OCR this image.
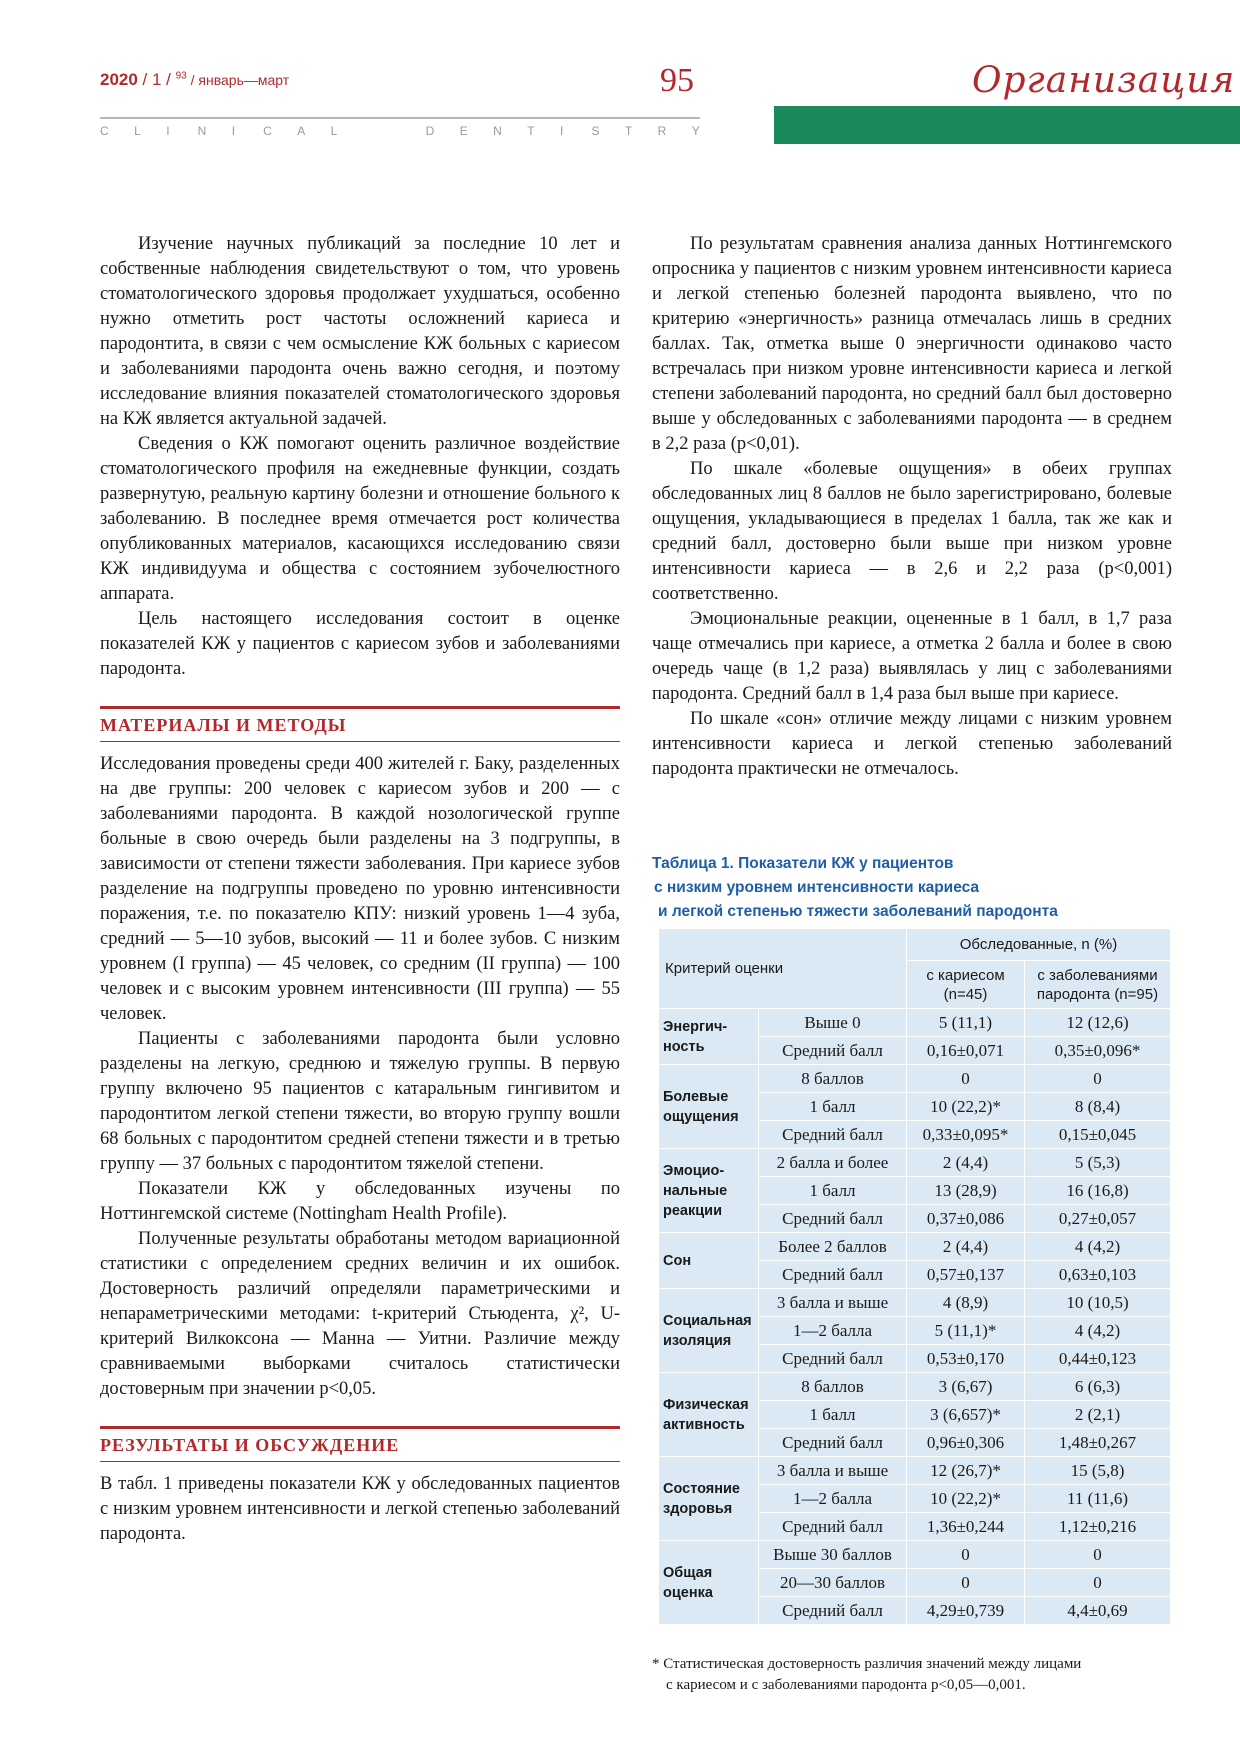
2020 / 1 / $^{93}$ / январь—март	95
C L I N I C A L	D E N T I S T R Y
Организация

Изучение научных публикаций за последние 10 лет и собственные наблюдения свидетельствуют о том, что уровень стоматологического здоровья продолжает ухудшаться, особенно нужно отметить рост частоты осложнений кариеса и пародонтита, в связи с чем осмысление КЖ больных с кариесом и заболеваниями пародонта очень важно сегодня, и поэтому исследование влияния показателей стоматологического здоровья на КЖ является актуальной задачей.

Сведения о КЖ помогают оценить различное воздействие стоматологического профиля на ежедневные функции, создать развернутую, реальную картину болезни и отношение больного к заболеванию. В последнее время отмечается рост количества опубликованных материалов, касающихся исследованию связи КЖ индивидуума и общества с состоянием зубочелюстного аппарата.

Цель настоящего исследования состоит в оценке показателей КЖ у пациентов с кариесом зубов и заболеваниями пародонта.

МАТЕРИАЛЫ И МЕТОДЫ

Исследования проведены среди 400 жителей г. Баку, разделенных на две группы: 200 человек с кариесом зубов и 200 — с заболеваниями пародонта. В каждой нозологической группе больные в свою очередь были разделены на 3 подгруппы, в зависимости от степени тяжести заболевания. При кариесе зубов разделение на подгруппы проведено по уровню интенсивности поражения, т.е. по показателю КПУ: низкий уровень 1—4 зуба, средний — 5—10 зубов, высокий — 11 и более зубов. С низким уровнем (I группа) — 45 человек, со средним (II группа) — 100 человек и с высоким уровнем интенсивности (III группа) — 55 человек.

Пациенты с заболеваниями пародонта были условно разделены на легкую, среднюю и тяжелую группы. В первую группу включено 95 пациентов с катаральным гингивитом и пародонтитом легкой степени тяжести, во вторую группу вошли 68 больных с пародонтитом средней степени тяжести и в третью группу — 37 больных с пародонтитом тяжелой степени.

Показатели КЖ у обследованных изучены по Ноттингемской системе (Nottingham Health Profile).

Полученные результаты обработаны методом вариационной статистики с определением средних величин и их ошибок. Достоверность различий определяли параметрическими и непараметрическими методами: t-критерий Стьюдента, χ², U-критерий Вилкоксона — Манна — Уитни. Различие между сравниваемыми выборками считалось статистически достоверным при значении p<0,05.

РЕЗУЛЬТАТЫ И ОБСУЖДЕНИЕ

В табл. 1 приведены показатели КЖ у обследованных пациентов с низким уровнем интенсивности и легкой степенью заболеваний пародонта.

По результатам сравнения анализа данных Ноттингемского опросника у пациентов с низким уровнем интенсивности кариеса и легкой степенью болезней пародонта выявлено, что по критерию «энергичность» разница отмечалась лишь в средних баллах. Так, отметка выше 0 энергичности одинаково часто встречалась при низком уровне интенсивности кариеса и легкой степени заболеваний пародонта, но средний балл был достоверно выше у обследованных с заболеваниями пародонта — в среднем в 2,2 раза (p<0,01).

По шкале «болевые ощущения» в обеих группах обследованных лиц 8 баллов не было зарегистрировано, болевые ощущения, укладывающиеся в пределах 1 балла, так же как и средний балл, достоверно были выше при низком уровне интенсивности кариеса — в 2,6 и 2,2 раза (p<0,001) соответственно.

Эмоциональные реакции, оцененные в 1 балл, в 1,7 раза чаще отмечались при кариесе, а отметка 2 балла и более в свою очередь чаще (в 1,2 раза) выявлялась у лиц с заболеваниями пародонта. Средний балл в 1,4 раза был выше при кариесе.

По шкале «сон» отличие между лицами с низким уровнем интенсивности кариеса и легкой степенью заболеваний пародонта практически не отмечалось.

Таблица 1. Показатели КЖ у пациентов
с низким уровнем интенсивности кариеса
и легкой степенью тяжести заболеваний пародонта
Критерий оценки		Обследованные, n (%)	
		с кариесом (n=45)	с заболеваниями пародонта (n=95)
Энергич-ность	Выше 0	5 (11,1)	12 (12,6)
	Средний балл	0,16±0,071	0,35±0,096*
Болевые ощущения	8 баллов	0	0
	1 балл	10 (22,2)*	8 (8,4)
	Средний балл	0,33±0,095*	0,15±0,045
Эмоцио-нальные реакции	2 балла и более	2 (4,4)	5 (5,3)
	1 балл	13 (28,9)	16 (16,8)
	Средний балл	0,37±0,086	0,27±0,057
Сон	Более 2 баллов	2 (4,4)	4 (4,2)
	Средний балл	0,57±0,137	0,63±0,103
Социальная изоляция	3 балла и выше	4 (8,9)	10 (10,5)
	1—2 балла	5 (11,1)*	4 (4,2)
	Средний балл	0,53±0,170	0,44±0,123
Физическая активность	8 баллов	3 (6,67)	6 (6,3)
	1 балл	3 (6,657)*	2 (2,1)
	Средний балл	0,96±0,306	1,48±0,267
Состояние здоровья	3 балла и выше	12 (26,7)*	15 (5,8)
	1—2 балла	10 (22,2)*	11 (11,6)
	Средний балл	1,36±0,244	1,12±0,216
Общая оценка	Выше 30 баллов	0	0
	20—30 баллов	0	0
	Средний балл	4,29±0,739	4,4±0,69
* Статистическая достоверность различия значений между лицами
с кариесом и с заболеваниями пародонта p<0,05—0,001.
